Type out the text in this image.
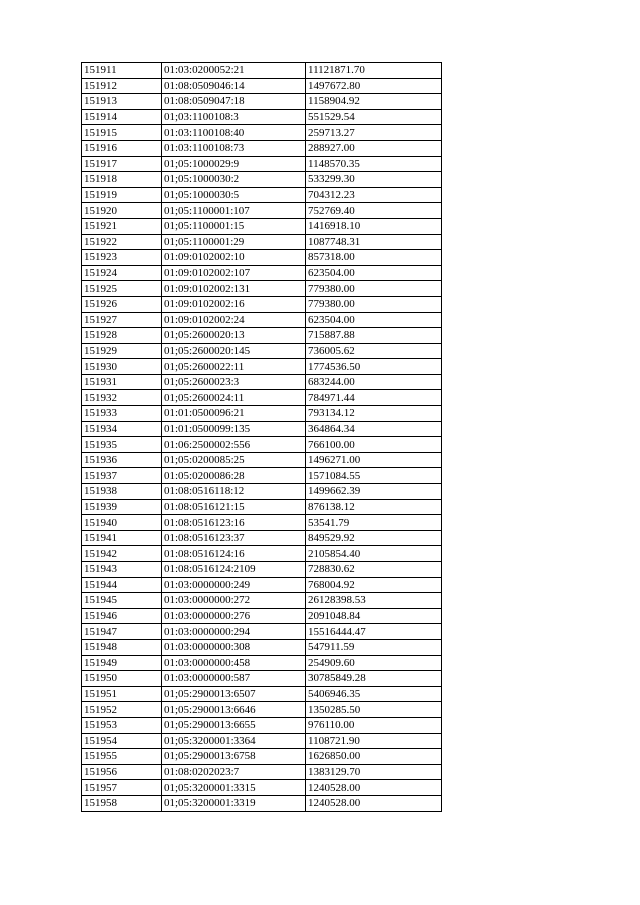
151911	01:03:0200052:21	11121871.70
151912	01:08:0509046:14	1497672.80
151913	01:08:0509047:18	1158904.92
151914	01;03:1100108:3	551529.54
151915	01:03:1100108:40	259713.27
151916	01:03:1100108:73	288927.00
151917	01;05:1000029:9	1148570.35
151918	01;05:1000030:2	533299.30
151919	01;05:1000030:5	704312.23
151920	01;05:1100001:107	752769.40
151921	01;05:1100001:15	1416918.10
151922	01;05:1100001:29	1087748.31
151923	01:09:0102002:10	857318.00
151924	01:09:0102002:107	623504.00
151925	01:09:0102002:131	779380.00
151926	01:09:0102002:16	779380.00
151927	01:09:0102002:24	623504.00
151928	01;05:2600020:13	715887.88
151929	01;05:2600020:145	736005.62
151930	01;05:2600022:11	1774536.50
151931	01;05:2600023:3	683244.00
151932	01;05:2600024:11	784971.44
151933	01:01:0500096:21	793134.12
151934	01:01:0500099:135	364864.34
151935	01:06:2500002:556	766100.00
151936	01;05:0200085:25	1496271.00
151937	01:05:0200086:28	1571084.55
151938	01:08:0516118:12	1499662.39
151939	01:08:0516121:15	876138.12
151940	01:08:0516123:16	53541.79
151941	01:08:0516123:37	849529.92
151942	01:08:0516124:16	2105854.40
151943	01:08:0516124:2109	728830.62
151944	01:03:0000000:249	768004.92
151945	01:03:0000000:272	26128398.53
151946	01:03:0000000:276	2091048.84
151947	01:03:0000000:294	15516444.47
151948	01:03:0000000:308	547911.59
151949	01:03:0000000:458	254909.60
151950	01:03:0000000:587	30785849.28
151951	01;05:2900013:6507	5406946.35
151952	01;05:2900013:6646	1350285.50
151953	01;05:2900013:6655	976110.00
151954	01;05:3200001:3364	1108721.90
151955	01;05:2900013:6758	1626850.00
151956	01:08:0202023:7	1383129.70
151957	01;05:3200001:3315	1240528.00
151958	01;05:3200001:3319	1240528.00
